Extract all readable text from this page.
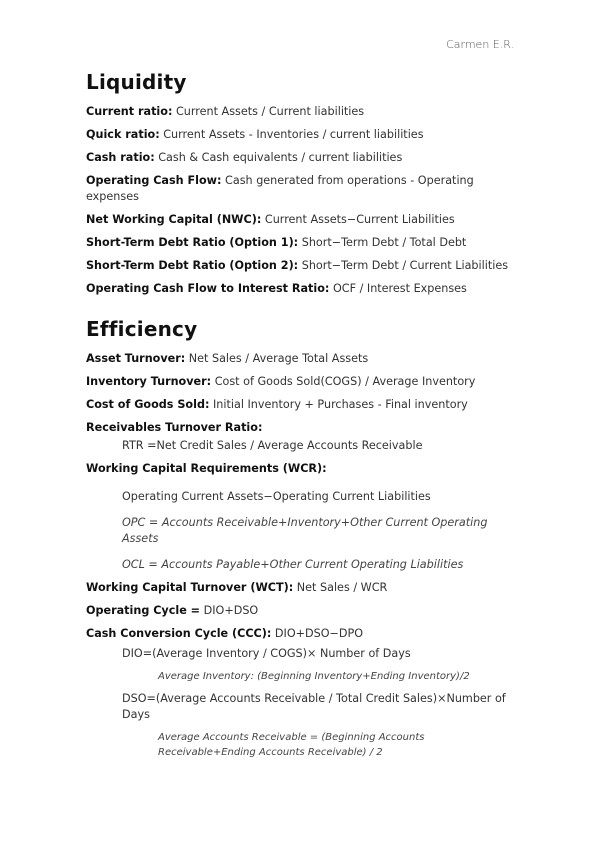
Carmen E.R.
Liquidity
Current ratio: Current Assets / Current liabilities
Quick ratio: Current Assets - Inventories / current liabilities
Cash ratio: Cash & Cash equivalents / current liabilities
Operating Cash Flow: Cash generated from operations - Operating expenses
Net Working Capital (NWC): Current Assets−Current Liabilities
Short-Term Debt Ratio (Option 1): Short−Term Debt / Total Debt
Short-Term Debt Ratio (Option 2): Short−Term Debt / Current Liabilities
Operating Cash Flow to Interest Ratio: OCF / Interest Expenses
Efficiency
Asset Turnover: Net Sales / Average Total Assets
Inventory Turnover: Cost of Goods Sold(COGS) / Average Inventory
Cost of Goods Sold: Initial Inventory + Purchases - Final inventory
Receivables Turnover Ratio:
RTR =Net Credit Sales / Average Accounts Receivable
Working Capital Requirements (WCR):
Operating Current Assets−Operating Current Liabilities
OPC = Accounts Receivable+Inventory+Other Current Operating Assets
OCL = Accounts Payable+Other Current Operating Liabilities
Working Capital Turnover (WCT): Net Sales / WCR
Operating Cycle = DIO+DSO
Cash Conversion Cycle (CCC): DIO+DSO−DPO
DIO=(Average Inventory / COGS)× Number of Days
Average Inventory: (Beginning Inventory+Ending Inventory)/2
DSO=(Average Accounts Receivable / Total Credit Sales)×Number of Days
Average Accounts Receivable = (Beginning Accounts Receivable+Ending Accounts Receivable) / 2
